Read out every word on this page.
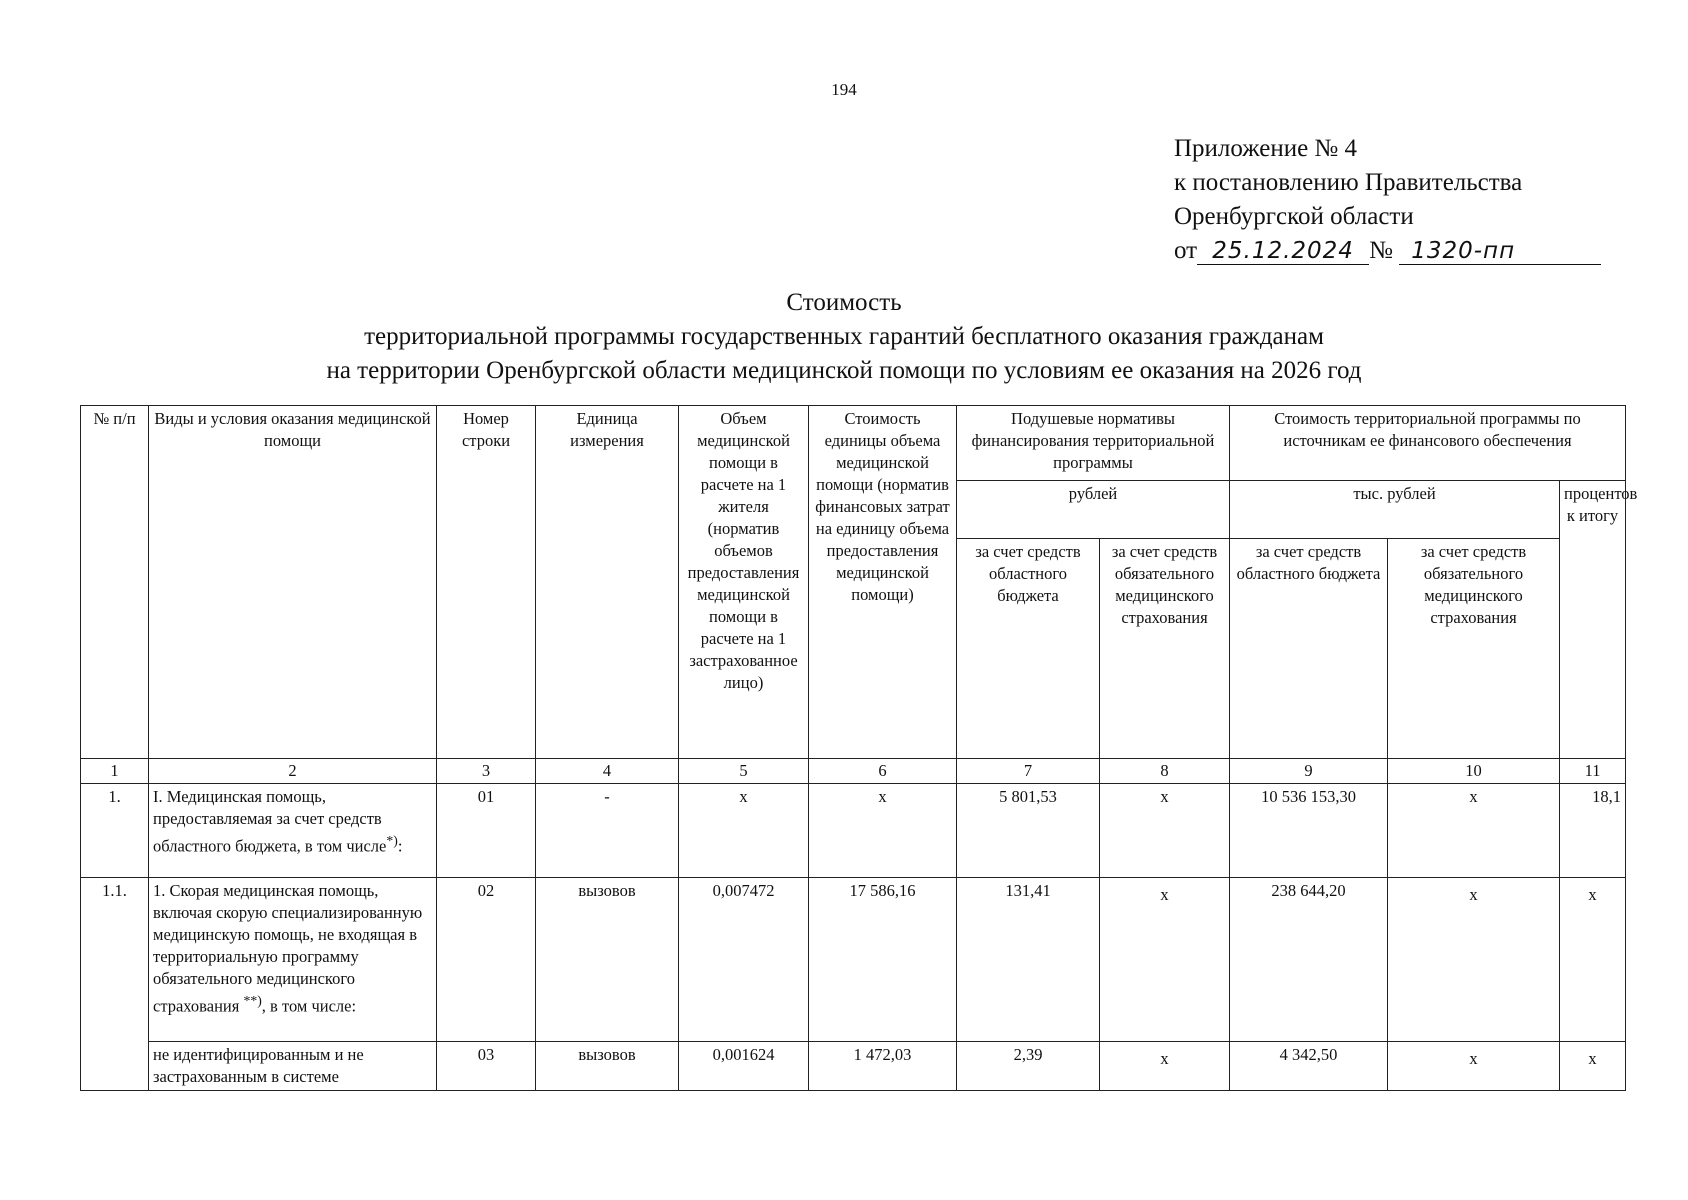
194
Приложение № 4
к постановлению Правительства
Оренбургской области
от 25.12.2024 № 1320-пп
Стоимость
территориальной программы государственных гарантий бесплатного оказания гражданам
на территории Оренбургской области медицинской помощи по условиям ее оказания на 2026 год
№ п/п	Виды и условия оказания медицинской помощи	Номер строки	Единица измерения	Объем медицинской помощи в расчете на 1 жителя (норматив объемов предоставления медицинской помощи в расчете на 1 застрахованное лицо)	Стоимость единицы объема медицинской помощи (норматив финансовых затрат на единицу объема предоставления медицинской помощи)	Подушевые нормативы финансирования территориальной программы		Стоимость территориальной программы по источникам ее финансового обеспечения		
						рублей		тыс. рублей		процентов к итогу
						за счет средств областного бюджета	за счет средств обязательного медицинского страхования	за счет средств областного бюджета	за счет средств обязательного медицинского страхования	
1	2	3	4	5	6	7	8	9	10	11
1.	I. Медицинская помощь, предоставляемая за счет средств областного бюджета, в том числе*):	01	-	х	х	5 801,53	х	10 536 153,30	х	18,1
1.1.	1. Скорая медицинская помощь, включая скорую специализированную медицинскую помощь, не входящая в территориальную программу обязательного медицинского страхования **), в том числе:	02	вызовов	0,007472	17 586,16	131,41	х	238 644,20	х	х
	не идентифицированным и не застрахованным в системе	03	вызовов	0,001624	1 472,03	2,39	х	4 342,50	х	х
